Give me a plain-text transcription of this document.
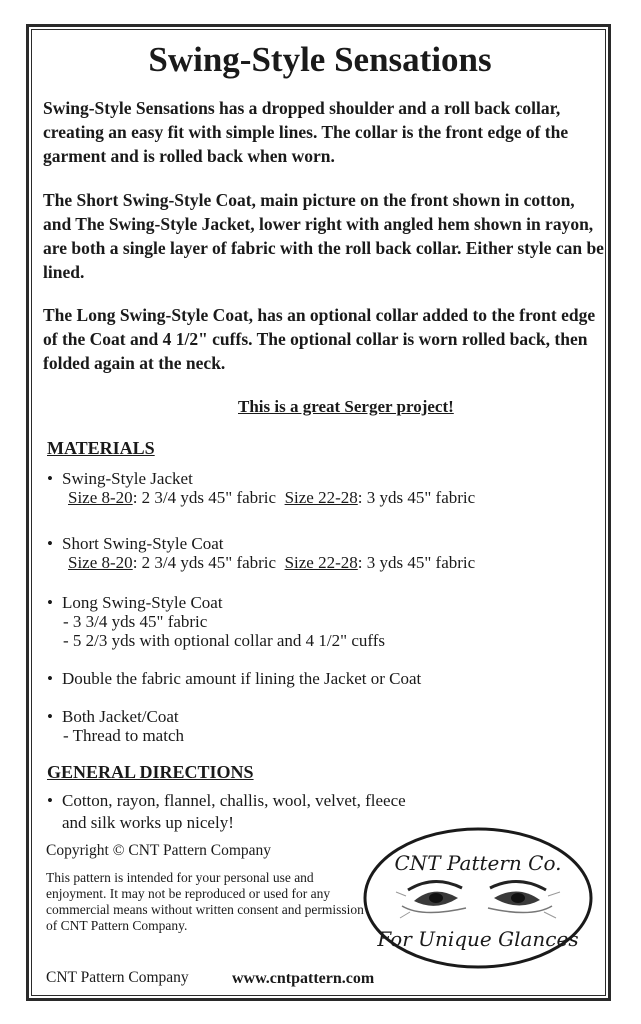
Swing-Style Sensations

Swing-Style Sensations has a dropped shoulder and a roll back collar, creating an easy fit with simple lines. The collar is the front edge of the garment and is rolled back when worn.

The Short Swing-Style Coat, main picture on the front shown in cotton, and The Swing-Style Jacket, lower right with angled hem shown in rayon, are both a single layer of fabric with the roll back collar. Either style can be lined.

The Long Swing-Style Coat, has an optional collar added to the front edge of the Coat and 4 1/2" cuffs. The optional collar is worn rolled back, then folded again at the neck.

This is a great Serger project!

MATERIALS
• Swing-Style Jacket
Size 8-20: 2 3/4 yds 45" fabric Size 22-28: 3 yds 45" fabric
• Short Swing-Style Coat
Size 8-20: 2 3/4 yds 45" fabric Size 22-28: 3 yds 45" fabric
• Long Swing-Style Coat
- 3 3/4 yds 45" fabric
- 5 2/3 yds with optional collar and 4 1/2" cuffs
• Double the fabric amount if lining the Jacket or Coat
• Both Jacket/Coat
- Thread to match
GENERAL DIRECTIONS
• Cotton, rayon, flannel, challis, wool, velvet, fleece
and silk works up nicely!

Copyright © CNT Pattern Company

This pattern is intended for your personal use and enjoyment. It may not be reproduced or used for any commercial means without written consent and permission of CNT Pattern Company.

CNT Pattern Company	www.cntpattern.com

CNT Pattern Co.
For Unique Glances
